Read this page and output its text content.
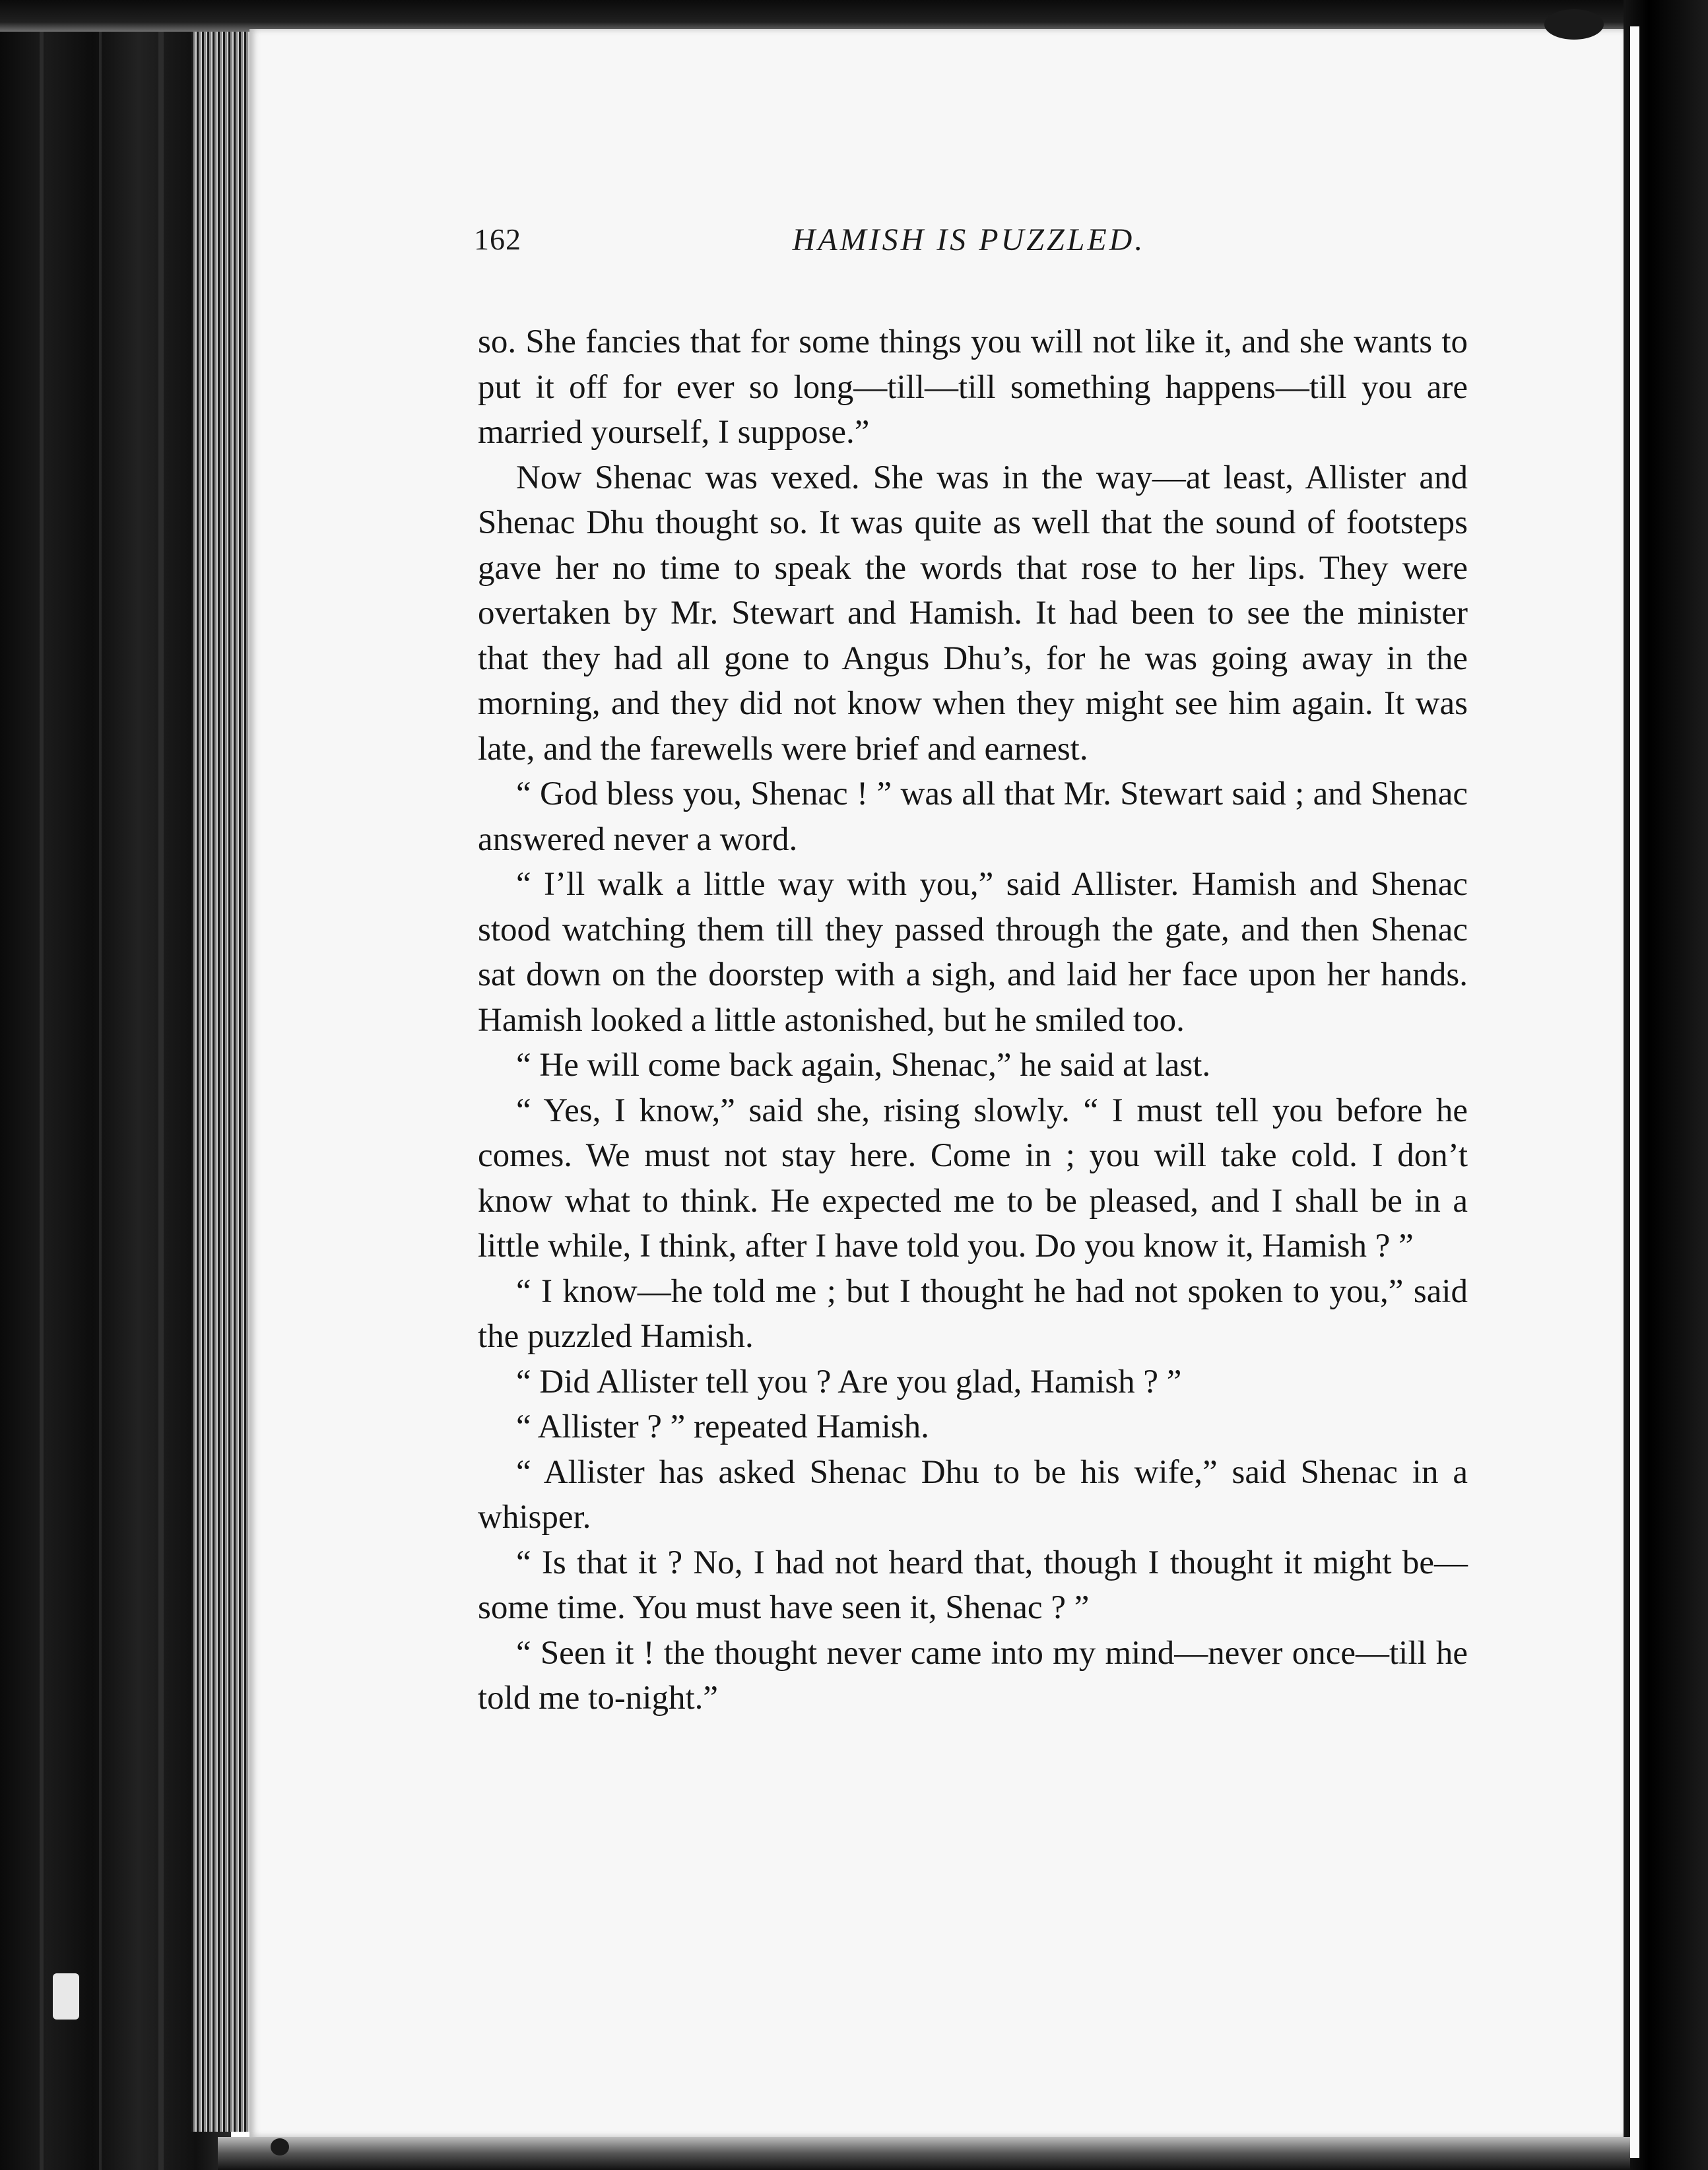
162	HAMISH IS PUZZLED.

so. She fancies that for some things you will not like it, and she wants to put it off for ever so long—till—till something happens—till you are married yourself, I suppose.”

Now Shenac was vexed. She was in the way—at least, Allister and Shenac Dhu thought so. It was quite as well that the sound of footsteps gave her no time to speak the words that rose to her lips. They were overtaken by Mr. Stewart and Hamish. It had been to see the minister that they had all gone to Angus Dhu’s, for he was going away in the morning, and they did not know when they might see him again. It was late, and the farewells were brief and earnest.

“ God bless you, Shenac ! ” was all that Mr. Stewart said ; and Shenac answered never a word.

“ I’ll walk a little way with you,” said Allister. Hamish and Shenac stood watching them till they passed through the gate, and then Shenac sat down on the doorstep with a sigh, and laid her face upon her hands. Hamish looked a little astonished, but he smiled too.

“ He will come back again, Shenac,” he said at last.

“ Yes, I know,” said she, rising slowly. “ I must tell you before he comes. We must not stay here. Come in ; you will take cold. I don’t know what to think. He expected me to be pleased, and I shall be in a little while, I think, after I have told you. Do you know it, Hamish ? ”

“ I know—he told me ; but I thought he had not spoken to you,” said the puzzled Hamish.

“ Did Allister tell you ? Are you glad, Hamish ? ”

“ Allister ? ” repeated Hamish.

“ Allister has asked Shenac Dhu to be his wife,” said Shenac in a whisper.

“ Is that it ? No, I had not heard that, though I thought it might be—some time. You must have seen it, Shenac ? ”

“ Seen it ! the thought never came into my mind—never once—till he told me to-night.”
